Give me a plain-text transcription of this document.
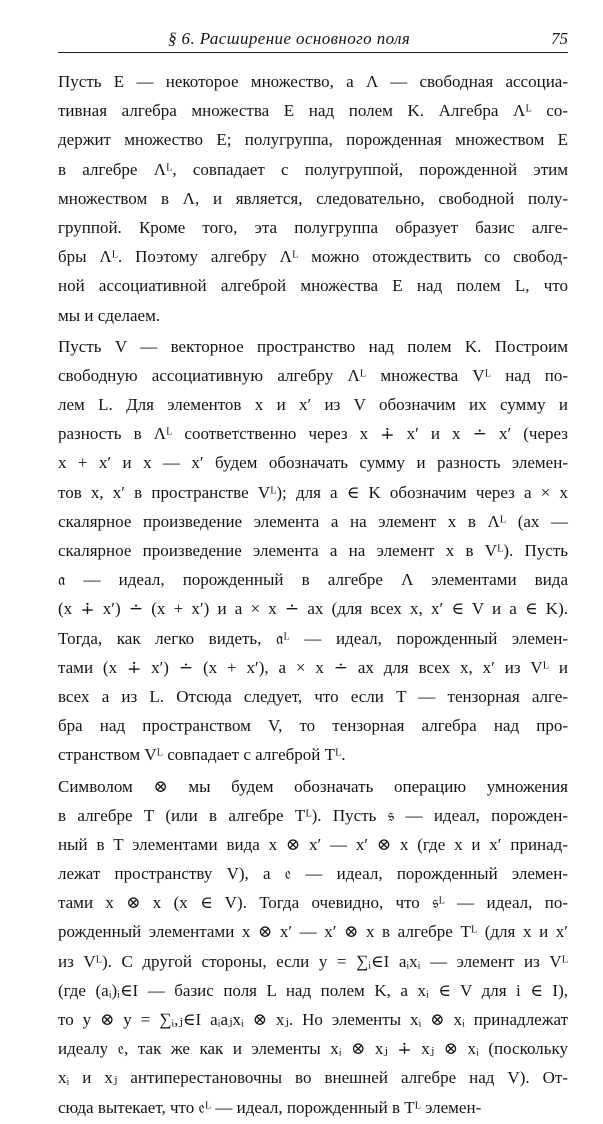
§ 6. Расширение основного поля	75
Пусть E — некоторое множество, а Λ — свободная ассоциа-
тивная алгебра множества E над полем K. Алгебра Λᴸ со-
держит множество E; полугруппа, порожденная множеством E
в алгебре Λᴸ, совпадает с полугруппой, порожденной этим
множеством в Λ, и является, следовательно, свободной полу-
группой. Кроме того, эта полугруппа образует базис алге-
бры Λᴸ. Поэтому алгебру Λᴸ можно отождествить со свобод-
ной ассоциативной алгеброй множества E над полем L, что
мы и сделаем.
Пусть V — векторное пространство над полем K. Построим
свободную ассоциативную алгебру Λᴸ множества Vᴸ над по-
лем L. Для элементов x и x′ из V обозначим их сумму и
разность в Λᴸ соответственно через x ∔ x′ и x ∸ x′ (через
x + x′ и x — x′ будем обозначать сумму и разность элемен-
тов x, x′ в пространстве Vᴸ); для a ∈ K обозначим через a × x
скалярное произведение элемента a на элемент x в Λᴸ (ax —
скалярное произведение элемента a на элемент x в Vᴸ). Пусть
𝔞 — идеал, порожденный в алгебре Λ элементами вида
(x ∔ x′) ∸ (x + x′) и a × x ∸ ax (для всех x, x′ ∈ V и a ∈ K).
Тогда, как легко видеть, 𝔞ᴸ — идеал, порожденный элемен-
тами (x ∔ x′) ∸ (x + x′), a × x ∸ ax для всех x, x′ из Vᴸ и
всех a из L. Отсюда следует, что если T — тензорная алге-
бра над пространством V, то тензорная алгебра над про-
странством Vᴸ совпадает с алгеброй Tᴸ.
Символом ⊗ мы будем обозначать операцию умножения
в алгебре T (или в алгебре Tᴸ). Пусть 𝔰 — идеал, порожден-
ный в T элементами вида x ⊗ x′ — x′ ⊗ x (где x и x′ принад-
лежат пространству V), а 𝔢 — идеал, порожденный элемен-
тами x ⊗ x (x ∈ V). Тогда очевидно, что 𝔰ᴸ — идеал, по-
рожденный элементами x ⊗ x′ — x′ ⊗ x в алгебре Tᴸ (для x и x′
из Vᴸ). С другой стороны, если y = ∑ᵢ∈I aᵢxᵢ — элемент из Vᴸ
(где (aᵢ)ᵢ∈I — базис поля L над полем K, а xᵢ ∈ V для i ∈ I),
то y ⊗ y = ∑ᵢ,ⱼ∈I aᵢaⱼxᵢ ⊗ xⱼ. Но элементы xᵢ ⊗ xᵢ принадлежат
идеалу 𝔢, так же как и элементы xᵢ ⊗ xⱼ ∔ xⱼ ⊗ xᵢ (поскольку
xᵢ и xⱼ антиперестановочны во внешней алгебре над V). От-
сюда вытекает, что 𝔢ᴸ — идеал, порожденный в Tᴸ элемен-
